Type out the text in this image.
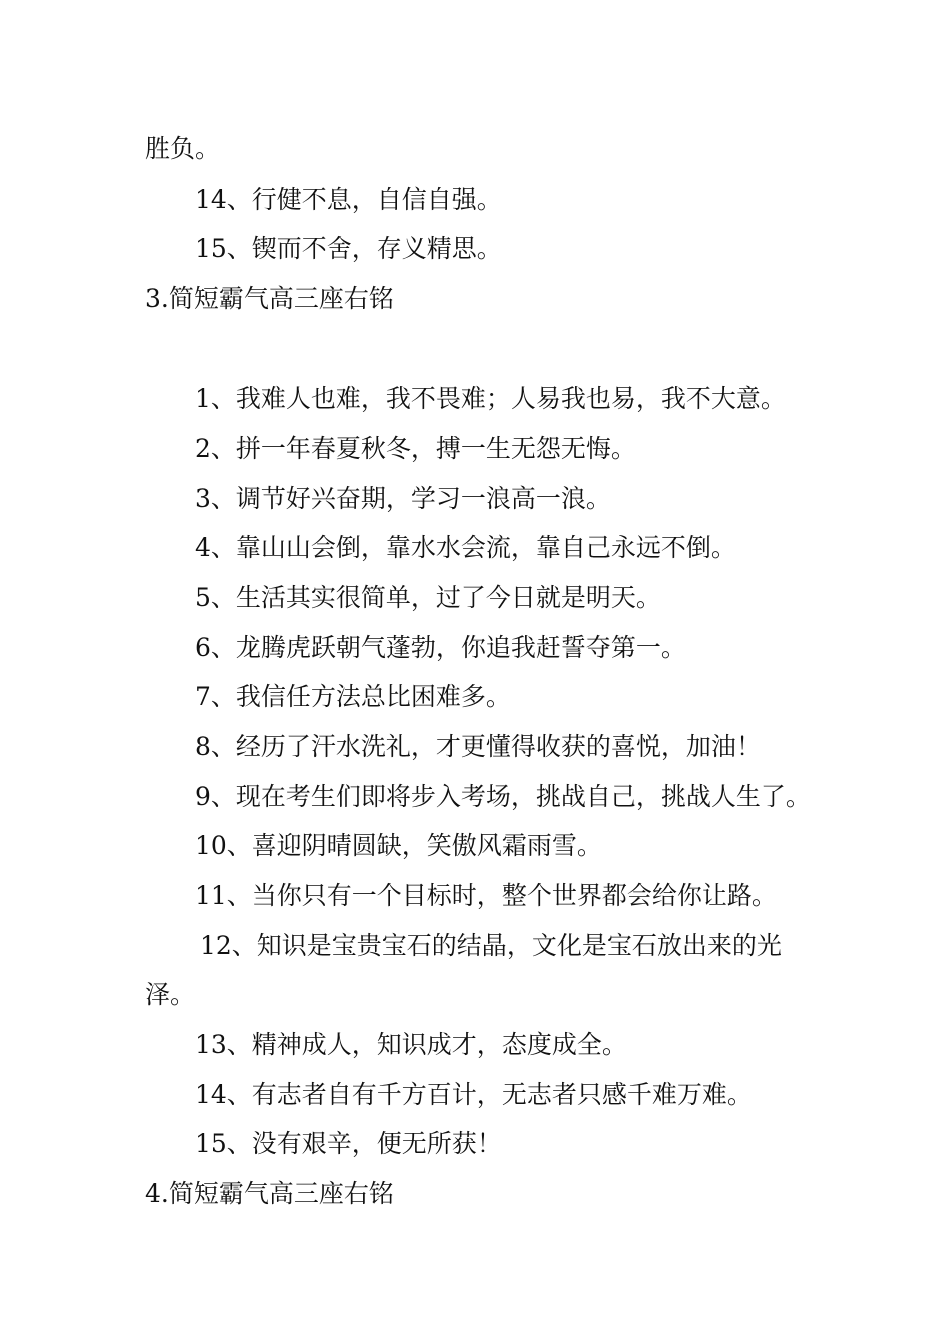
胜负。
14、行健不息，自信自强。
15、锲而不舍，存义精思。
3.简短霸气高三座右铭
1、我难人也难，我不畏难；人易我也易，我不大意。
2、拼一年春夏秋冬，搏一生无怨无悔。
3、调节好兴奋期，学习一浪高一浪。
4、靠山山会倒，靠水水会流，靠自己永远不倒。
5、生活其实很简单，过了今日就是明天。
6、龙腾虎跃朝气蓬勃，你追我赶誓夺第一。
7、我信任方法总比困难多。
8、经历了汗水洗礼，才更懂得收获的喜悦，加油！
9、现在考生们即将步入考场，挑战自己，挑战人生了。
10、喜迎阴晴圆缺，笑傲风霜雨雪。
11、当你只有一个目标时，整个世界都会给你让路。
12、知识是宝贵宝石的结晶，文化是宝石放出来的光
泽。
13、精神成人，知识成才，态度成全。
14、有志者自有千方百计，无志者只感千难万难。
15、没有艰辛，便无所获！
4.简短霸气高三座右铭
